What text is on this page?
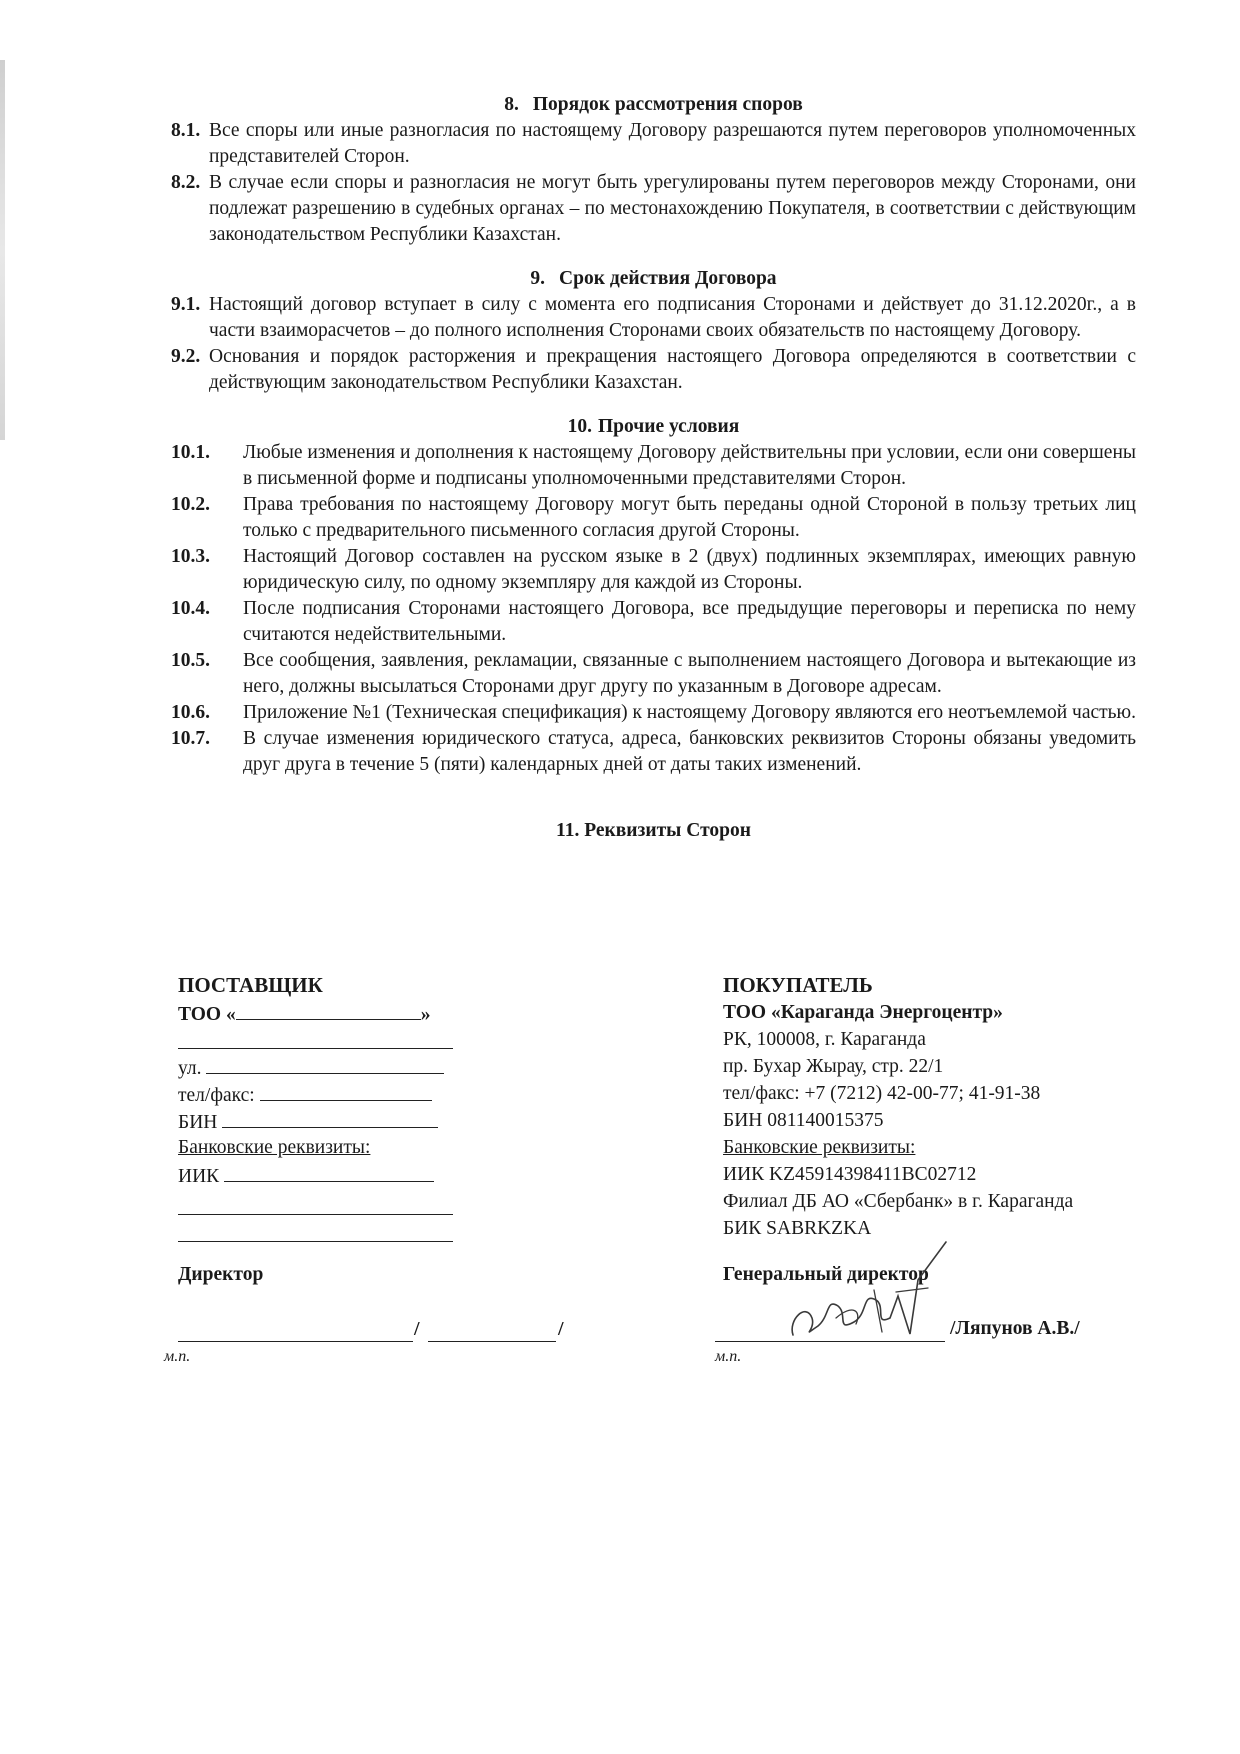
8. Порядок рассмотрения споров
8.1. Все споры или иные разногласия по настоящему Договору разрешаются путем переговоров уполномоченных представителей Сторон.
8.2. В случае если споры и разногласия не могут быть урегулированы путем переговоров между Сторонами, они подлежат разрешению в судебных органах – по местонахождению Покупателя, в соответствии с действующим законодательством Республики Казахстан.
9. Срок действия Договора
9.1. Настоящий договор вступает в силу с момента его подписания Сторонами и действует до 31.12.2020г., а в части взаиморасчетов – до полного исполнения Сторонами своих обязательств по настоящему Договору.
9.2. Основания и порядок расторжения и прекращения настоящего Договора определяются в соответствии с действующим законодательством Республики Казахстан.
10. Прочие условия
10.1.	Любые изменения и дополнения к настоящему Договору действительны при условии, если они совершены в письменной форме и подписаны уполномоченными представителями Сторон.
10.2.	Права требования по настоящему Договору могут быть переданы одной Стороной в пользу третьих лиц только с предварительного письменного согласия другой Стороны.
10.3.	Настоящий Договор составлен на русском языке в 2 (двух) подлинных экземплярах, имеющих равную юридическую силу, по одному экземпляру для каждой из Стороны.
10.4.	После подписания Сторонами настоящего Договора, все предыдущие переговоры и переписка по нему считаются недействительными.
10.5.	Все сообщения, заявления, рекламации, связанные с выполнением настоящего Договора и вытекающие из него, должны высылаться Сторонами друг другу по указанным в Договоре адресам.
10.6.	Приложение №1 (Техническая спецификация) к настоящему Договору являются его неотъемлемой частью.
10.7.	В случае изменения юридического статуса, адреса, банковских реквизитов Стороны обязаны уведомить друг друга в течение 5 (пяти) календарных дней от даты таких изменений.
11. Реквизиты Сторон
ПОСТАВЩИК
ТОО «	»
ул.
тел/факс:
БИН
Банковские реквизиты:
ИИК
ПОКУПАТЕЛЬ
ТОО «Караганда Энергоцентр»
РК, 100008, г. Караганда
пр. Бухар Жырау, стр. 22/1
тел/факс: +7 (7212) 42-00-77; 41-91-38
БИН 081140015375
Банковские реквизиты:
ИИК KZ45914398411BC02712
Филиал ДБ АО «Сбербанк» в г. Караганда
БИК SABRKZKA
Директор
/	/
м.п.
Генеральный директор
/Ляпунов А.В./
м.п.
